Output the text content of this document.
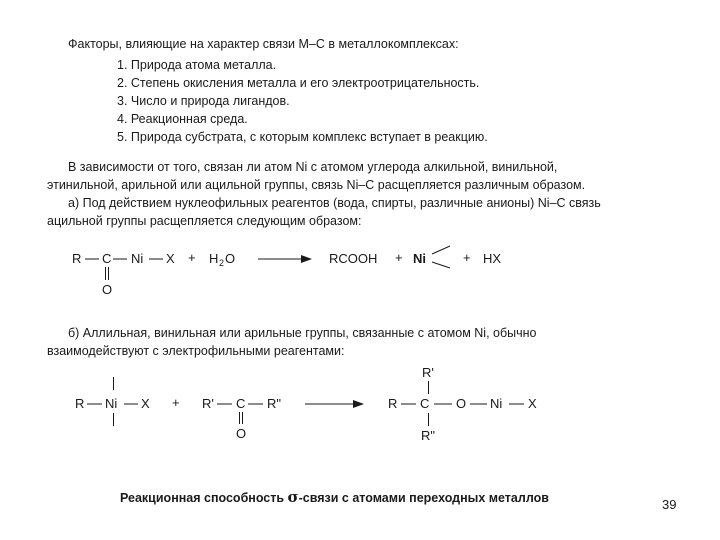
Факторы, влияющие на характер связи М–С в металлокомплексах:
1. Природа атома металла.
2. Степень окисления металла и его электроотрицательность.
3. Число и природа лигандов.
4. Реакционная среда.
5. Природа субстрата, с которым комплекс вступает в реакцию.
В зависимости от того, связан ли атом Ni с атомом углерода алкильной, винильной,
этинильной, арильной или ацильной группы, связь Ni–C расщепляется различным образом.
а) Под действием нуклеофильных реагентов (вода, спирты, различные анионы) Ni–C связь
ацильной группы расщепляется следующим образом:
б) Аллильная, винильная или арильные группы, связанные с атомом Ni, обычно
взаимодействуют с электрофильными реагентами:
R C Ni X
O
+ H 2 O	RCOOH + Ni	+ HX
R Ni X + R' C R"
O
R
R'
C O Ni X
R"
Реакционная способность σ-связи с атомами переходных металлов	39
